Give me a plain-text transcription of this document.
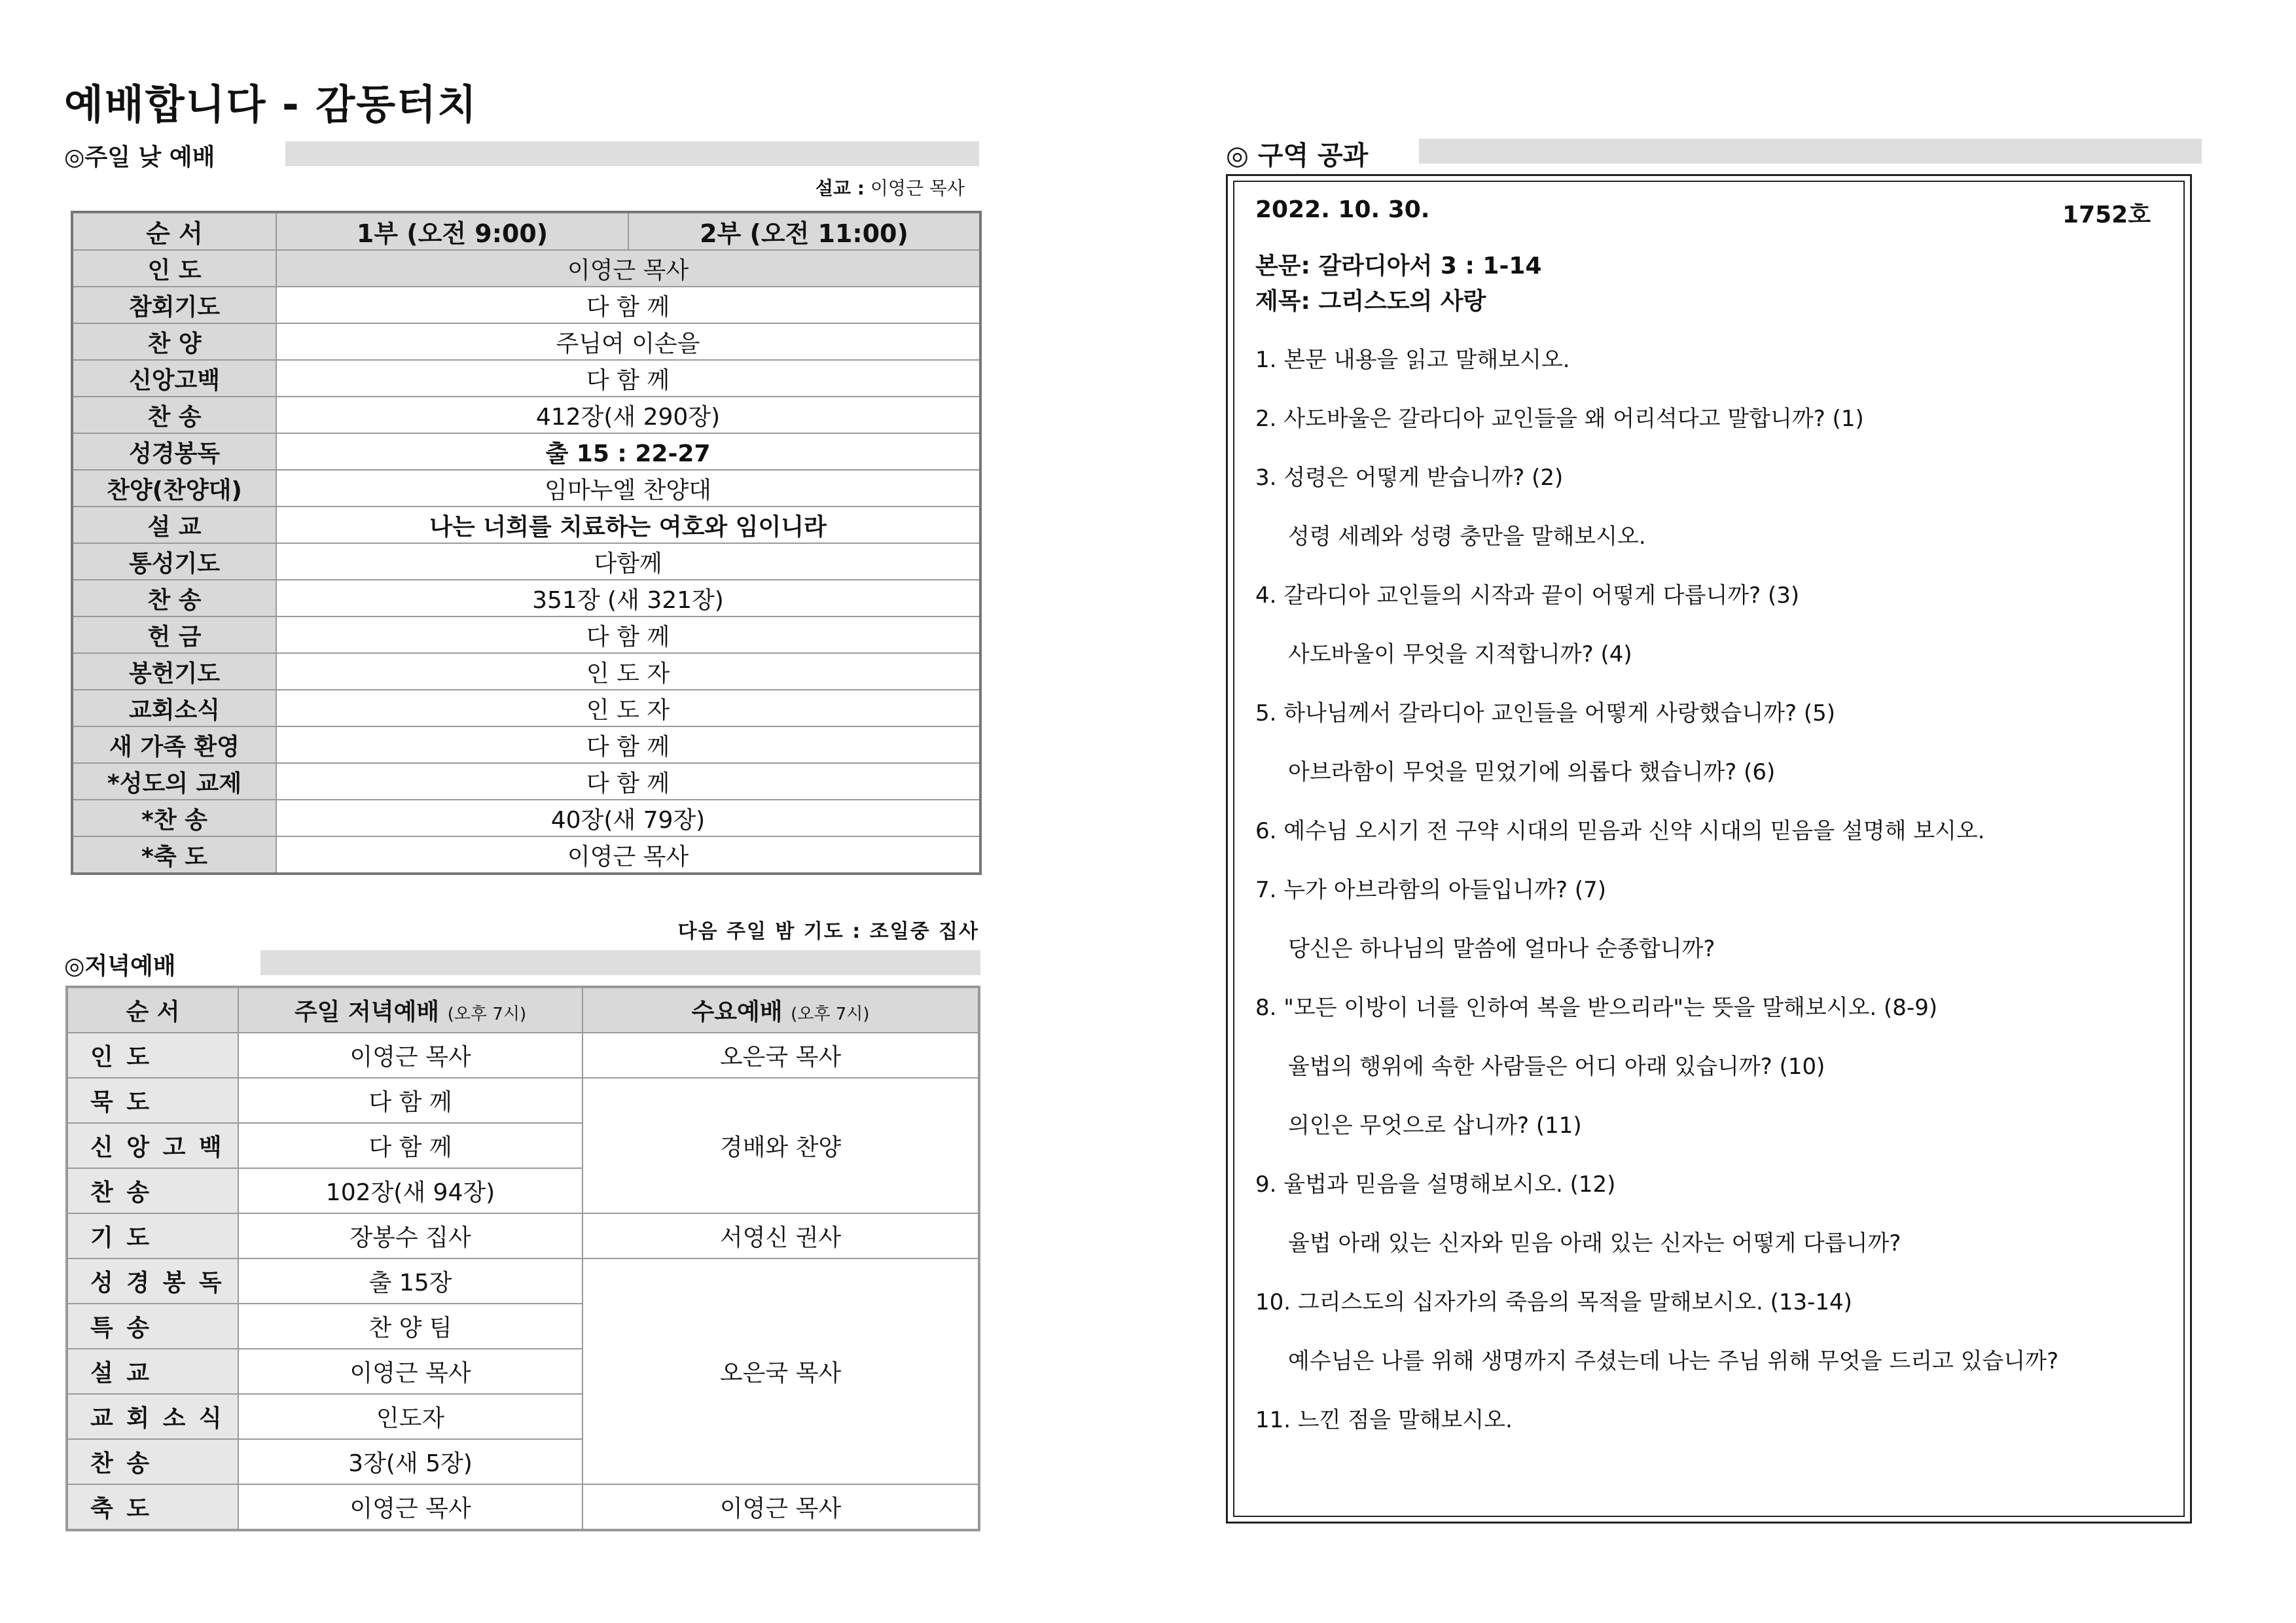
예배합니다 - 감동터치
◎주일 낮 예배
설교 : 이영근 목사
순 서	1부 (오전 9:00)	2부 (오전 11:00)
인 도	이영근 목사	
참회기도	다 함 께	
찬 양	주님여 이손을	
신앙고백	다 함 께	
찬 송	412장(새 290장)	
성경봉독	출 15 : 22-27	
찬양(찬양대)	임마누엘 찬양대	
설 교	나는 너희를 치료하는 여호와 임이니라	
통성기도	다함께	
찬 송	351장 (새 321장)	
헌 금	다 함 께	
봉헌기도	인 도 자	
교회소식	인 도 자	
새 가족 환영	다 함 께	
*성도의 교제	다 함 께	
*찬 송	40장(새 79장)	
*축 도	이영근 목사	
다음 주일 밤 기도 : 조일중 집사
◎저녁예배
순 서	주일 저녁예배 (오후 7시)	수요예배 (오후 7시)
인 도	이영근 목사	오은국 목사
묵 도	다 함 께	경배와 찬양
신 앙 고 백	다 함 께	
찬 송	102장(새 94장)	
기 도	장봉수 집사	서영신 권사
성 경 봉 독	출 15장	오은국 목사
특 송	찬 양 팀	
설 교	이영근 목사	
교 회 소 식	인도자	
찬 송	3장(새 5장)	
축 도	이영근 목사	이영근 목사
◎ 구역 공과
2022. 10. 30.	1752호
본문: 갈라디아서 3 : 1-14
제목: 그리스도의 사랑
1. 본문 내용을 읽고 말해보시오.
2. 사도바울은 갈라디아 교인들을 왜 어리석다고 말합니까? (1)
3. 성령은 어떻게 받습니까? (2)
성령 세례와 성령 충만을 말해보시오.
4. 갈라디아 교인들의 시작과 끝이 어떻게 다릅니까? (3)
사도바울이 무엇을 지적합니까? (4)
5. 하나님께서 갈라디아 교인들을 어떻게 사랑했습니까? (5)
아브라함이 무엇을 믿었기에 의롭다 했습니까? (6)
6. 예수님 오시기 전 구약 시대의 믿음과 신약 시대의 믿음을 설명해 보시오.
7. 누가 아브라함의 아들입니까? (7)
당신은 하나님의 말씀에 얼마나 순종합니까?
8. "모든 이방이 너를 인하여 복을 받으리라"는 뜻을 말해보시오. (8-9)
율법의 행위에 속한 사람들은 어디 아래 있습니까? (10)
의인은 무엇으로 삽니까? (11)
9. 율법과 믿음을 설명해보시오. (12)
율법 아래 있는 신자와 믿음 아래 있는 신자는 어떻게 다릅니까?
10. 그리스도의 십자가의 죽음의 목적을 말해보시오. (13-14)
예수님은 나를 위해 생명까지 주셨는데 나는 주님 위해 무엇을 드리고 있습니까?
11. 느낀 점을 말해보시오.
